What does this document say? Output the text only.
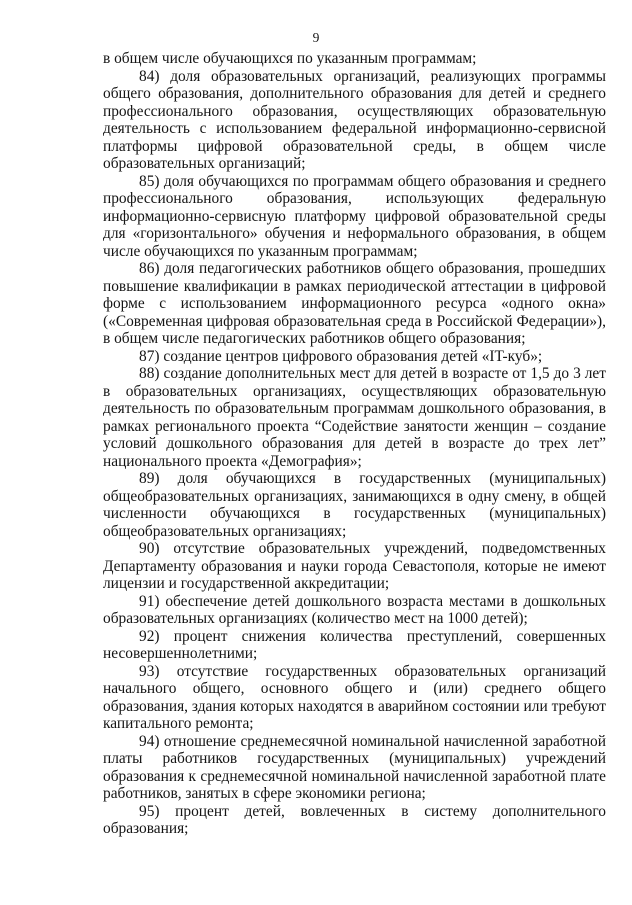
9

в общем числе обучающихся по указанным программам;

84) доля образовательных организаций, реализующих программы общего образования, дополнительного образования для детей и среднего профессионального образования, осуществляющих образовательную деятельность с использованием федеральной информационно-сервисной платформы цифровой образовательной среды, в общем числе образовательных организаций;

85) доля обучающихся по программам общего образования и среднего профессионального образования, использующих федеральную информационно-сервисную платформу цифровой образовательной среды для «горизонтального» обучения и неформального образования, в общем числе обучающихся по указанным программам;

86) доля педагогических работников общего образования, прошедших повышение квалификации в рамках периодической аттестации в цифровой форме с использованием информационного ресурса «одного окна» («Современная цифровая образовательная среда в Российской Федерации»), в общем числе педагогических работников общего образования;

87) создание центров цифрового образования детей «IT-куб»;

88) создание дополнительных мест для детей в возрасте от 1,5 до 3 лет в образовательных организациях, осуществляющих образовательную деятельность по образовательным программам дошкольного образования, в рамках регионального проекта “Содействие занятости женщин – создание условий дошкольного образования для детей в возрасте до трех лет” национального проекта «Демография»;

89) доля обучающихся в государственных (муниципальных) общеобразовательных организациях, занимающихся в одну смену, в общей численности обучающихся в государственных (муниципальных) общеобразовательных организациях;

90) отсутствие образовательных учреждений, подведомственных Департаменту образования и науки города Севастополя, которые не имеют лицензии и государственной аккредитации;

91) обеспечение детей дошкольного возраста местами в дошкольных образовательных организациях (количество мест на 1000 детей);

92) процент снижения количества преступлений, совершенных несовершеннолетними;

93) отсутствие государственных образовательных организаций начального общего, основного общего и (или) среднего общего образования, здания которых находятся в аварийном состоянии или требуют капитального ремонта;

94) отношение среднемесячной номинальной начисленной заработной платы работников государственных (муниципальных) учреждений образования к среднемесячной номинальной начисленной заработной плате работников, занятых в сфере экономики региона;

95) процент детей, вовлеченных в систему дополнительного образования;
